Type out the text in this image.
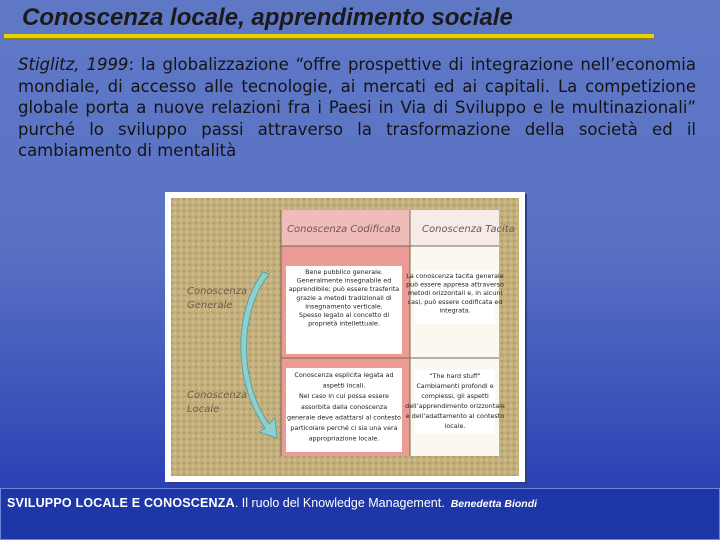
Conoscenza locale, apprendimento sociale

Stiglitz, 1999: la globalizzazione “offre prospettive di integrazione nell’economia mondiale, di accesso alle tecnologie, ai mercati ed ai capitali. La competizione globale porta a nuove relazioni fra i Paesi in Via di Sviluppo e le multinazionali” purché lo sviluppo passi attraverso la trasformazione della società ed il cambiamento di mentalità

Conoscenza Codificata Conoscenza Tacita
Conoscenza Generale
Conoscenza Locale
Bene pubblico generale.
Generalmente insegnabile ed
apprendibile; può essere trasferita
grazie a metodi tradizionali di
insegnamento verticale.
Spesso legato al concetto di
proprietà intellettuale.
La conoscenza tacita generale
può essere appresa attraverso
metodi orizzontali e, in alcuni
casi, può essere codificata ed
integrata.
Conoscenza esplicita legata ad
aspetti locali.
Nel caso in cui possa essere
assorbita dalla conoscenza
generale deve adattarsi al contesto
particolare perché ci sia una vera
appropriazione locale.
“The hard stuff”
Cambiamenti profondi e
complessi, gli aspetti
dell’apprendimento orizzontale
e dell’adattamento al contesto
locale.
SVILUPPO LOCALE E CONOSCENZA. Il ruolo del Knowledge Management. Benedetta Biondi
